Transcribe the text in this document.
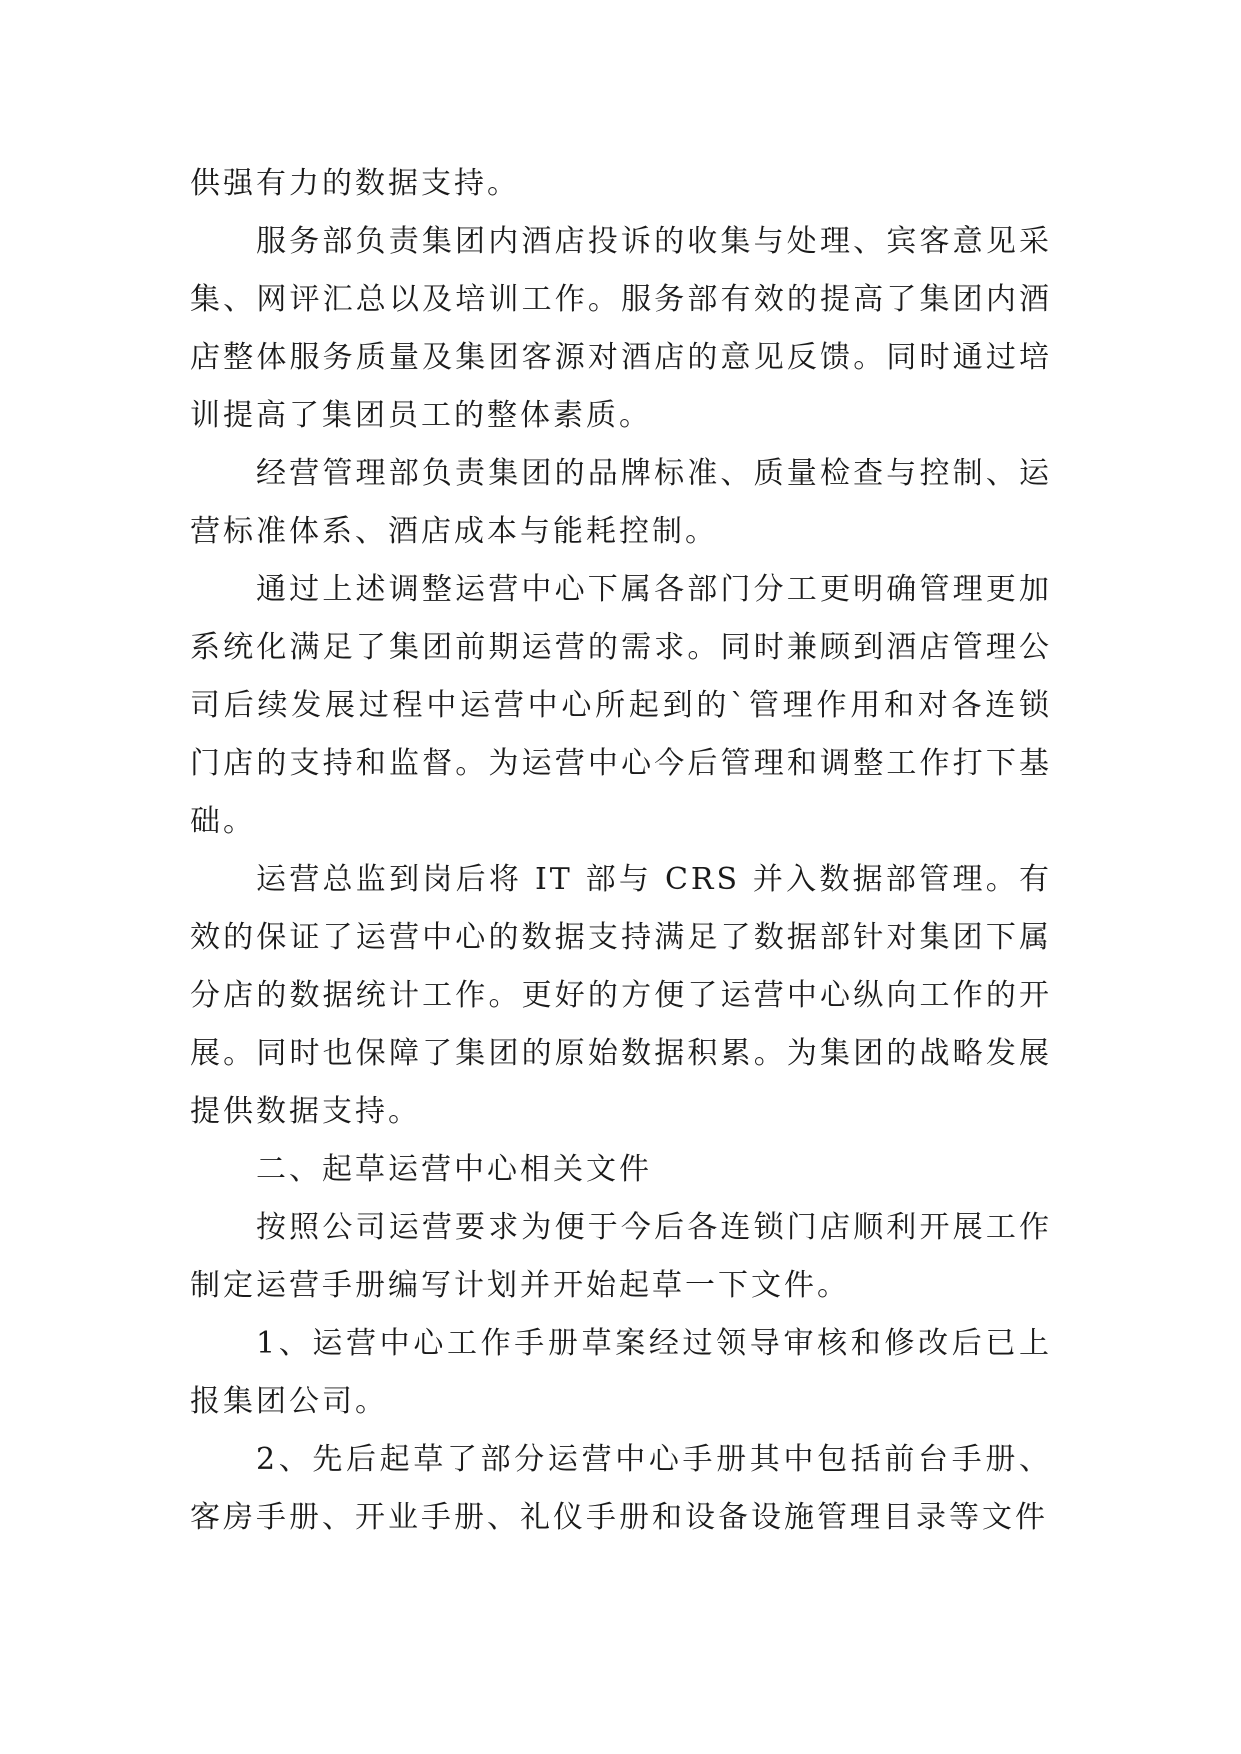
供强有力的数据支持。

服务部负责集团内酒店投诉的收集与处理、宾客意见采集、网评汇总以及培训工作。服务部有效的提高了集团内酒店整体服务质量及集团客源对酒店的意见反馈。同时通过培训提高了集团员工的整体素质。

经营管理部负责集团的品牌标准、质量检查与控制、运营标准体系、酒店成本与能耗控制。

通过上述调整运营中心下属各部门分工更明确管理更加系统化满足了集团前期运营的需求。同时兼顾到酒店管理公司后续发展过程中运营中心所起到的`管理作用和对各连锁门店的支持和监督。为运营中心今后管理和调整工作打下基础。

运营总监到岗后将 IT 部与 CRS 并入数据部管理。有效的保证了运营中心的数据支持满足了数据部针对集团下属分店的数据统计工作。更好的方便了运营中心纵向工作的开展。同时也保障了集团的原始数据积累。为集团的战略发展提供数据支持。

二、起草运营中心相关文件

按照公司运营要求为便于今后各连锁门店顺利开展工作制定运营手册编写计划并开始起草一下文件。

1、运营中心工作手册草案经过领导审核和修改后已上报集团公司。

2、先后起草了部分运营中心手册其中包括前台手册、客房手册、开业手册、礼仪手册和设备设施管理目录等文件
